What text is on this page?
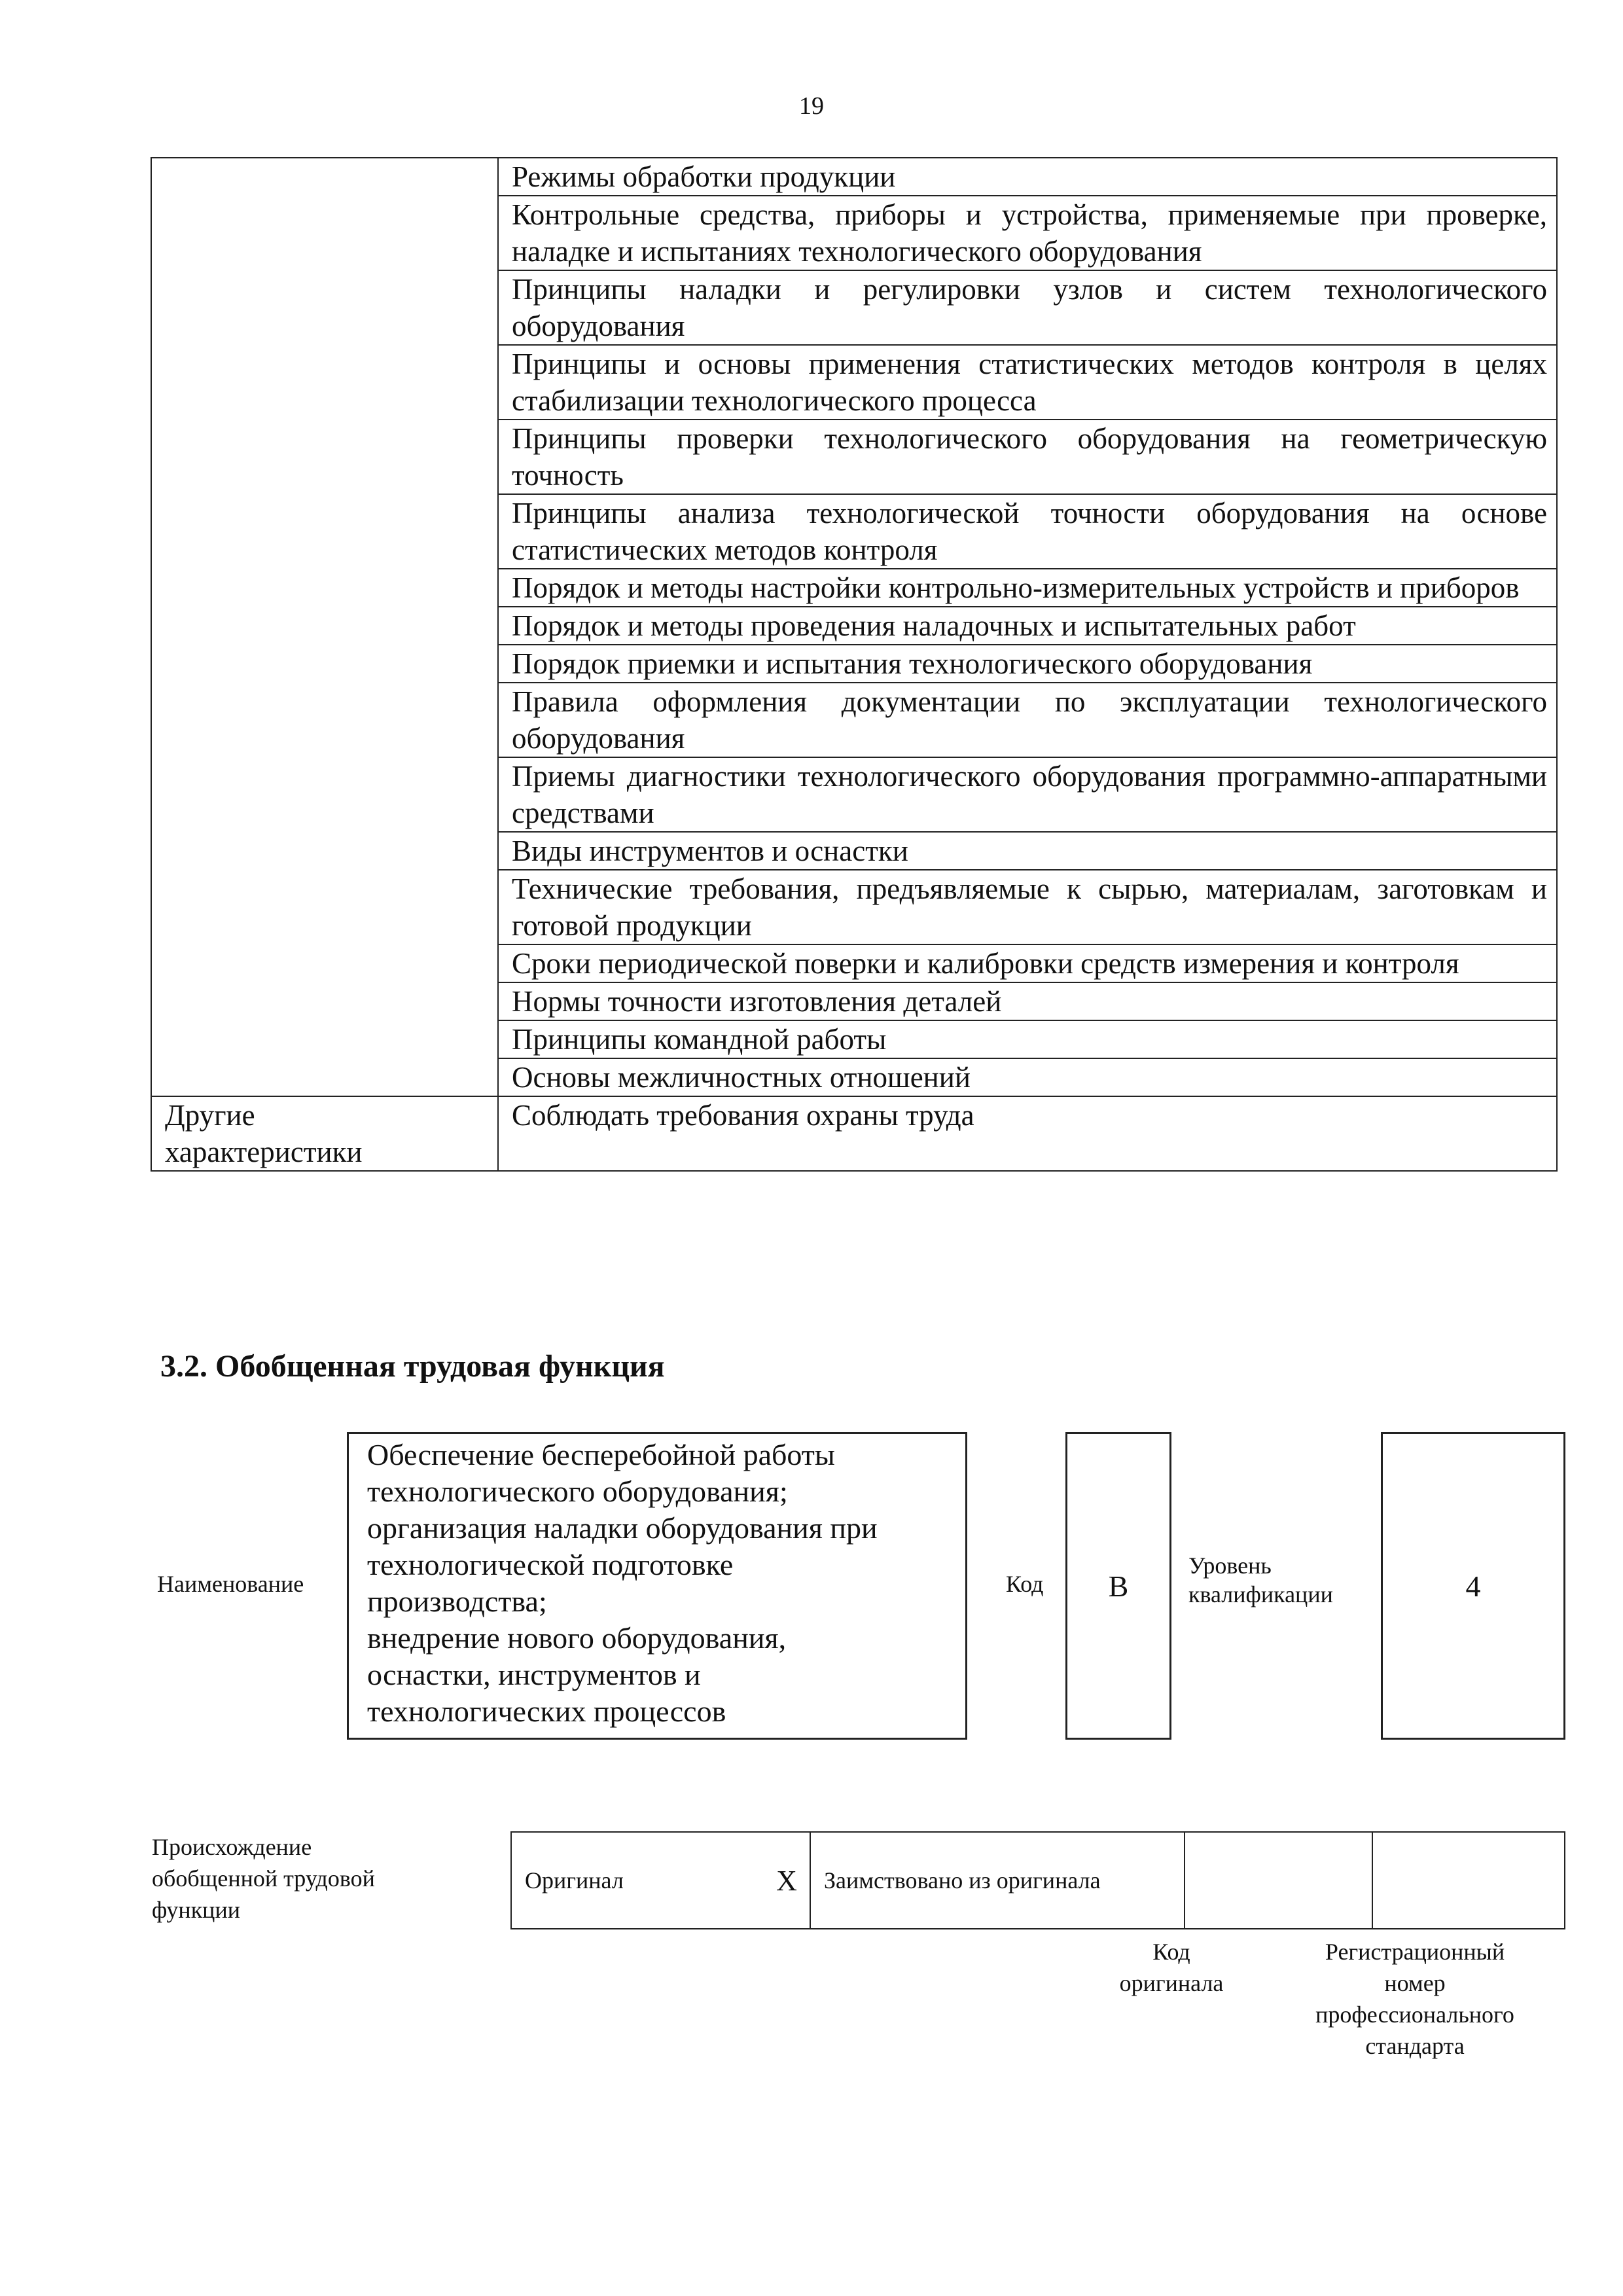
19
	Режимы обработки продукции
	Контрольные средства, приборы и устройства, применяемые при проверке, наладке и испытаниях технологического оборудования
	Принципы наладки и регулировки узлов и систем технологического оборудования
	Принципы и основы применения статистических методов контроля в целях стабилизации технологического процесса
	Принципы проверки технологического оборудования на геометрическую точность
	Принципы анализа технологической точности оборудования на основе статистических методов контроля
	Порядок и методы настройки контрольно-измерительных устройств и приборов
	Порядок и методы проведения наладочных и испытательных работ
	Порядок приемки и испытания технологического оборудования
	Правила оформления документации по эксплуатации технологического оборудования
	Приемы диагностики технологического оборудования программно-аппаратными средствами
	Виды инструментов и оснастки
	Технические требования, предъявляемые к сырью, материалам, заготовкам и готовой продукции
	Сроки периодической поверки и калибровки средств измерения и контроля
	Нормы точности изготовления деталей
	Принципы командной работы
	Основы межличностных отношений

Другие
характеристики	Соблюдать требования охраны труда
3.2. Обобщенная трудовая функция
Наименование
Обеспечение бесперебойной работы
технологического оборудования;
организация наладки оборудования при
технологической подготовке
производства;
внедрение нового оборудования,
оснастки, инструментов и
технологических процессов
Код B
Уровень
квалификации	4
Происхождение
обобщенной трудовой
функции
Оригинал	X	Заимствовано из оригинала		
Код
оригинала
Регистрационный
номер
профессионального
стандарта
